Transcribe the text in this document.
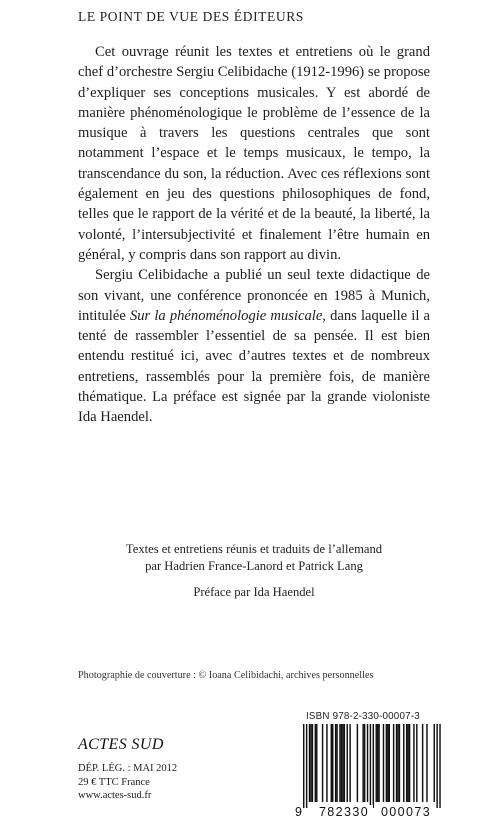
LE POINT DE VUE DES ÉDITEURS

Cet ouvrage réunit les textes et entretiens où le grand chef d’orchestre Sergiu Celibidache (1912-1996) se propose d’expliquer ses conceptions musicales. Y est abordé de manière phénoménologique le problème de l’essence de la musique à travers les questions centrales que sont notamment l’espace et le temps musicaux, le tempo, la transcendance du son, la réduction. Avec ces réflexions sont également en jeu des questions philosophiques de fond, telles que le rapport de la vérité et de la beauté, la liberté, la volonté, l’intersubjectivité et finalement l’être humain en général, y compris dans son rapport au divin.

Sergiu Celibidache a publié un seul texte didactique de son vivant, une conférence prononcée en 1985 à Munich, intitulée Sur la phénoménologie musicale, dans laquelle il a tenté de rassembler l’essentiel de sa pensée. Il est bien entendu restitué ici, avec d’autres textes et de nombreux entretiens, rassemblés pour la première fois, de manière thématique. La préface est signée par la grande violoniste Ida Haendel.

Textes et entretiens réunis et traduits de l’allemand
par Hadrien France-Lanord et Patrick Lang
Préface par Ida Haendel
Photographie de couverture : © Ioana Celibidachi, archives personnelles
ACTES SUD
DÉP. LÉG. : MAI 2012
29 € TTC France
www.actes-sud.fr
ISBN 978-2-330-00007-3
9	782330 000073
